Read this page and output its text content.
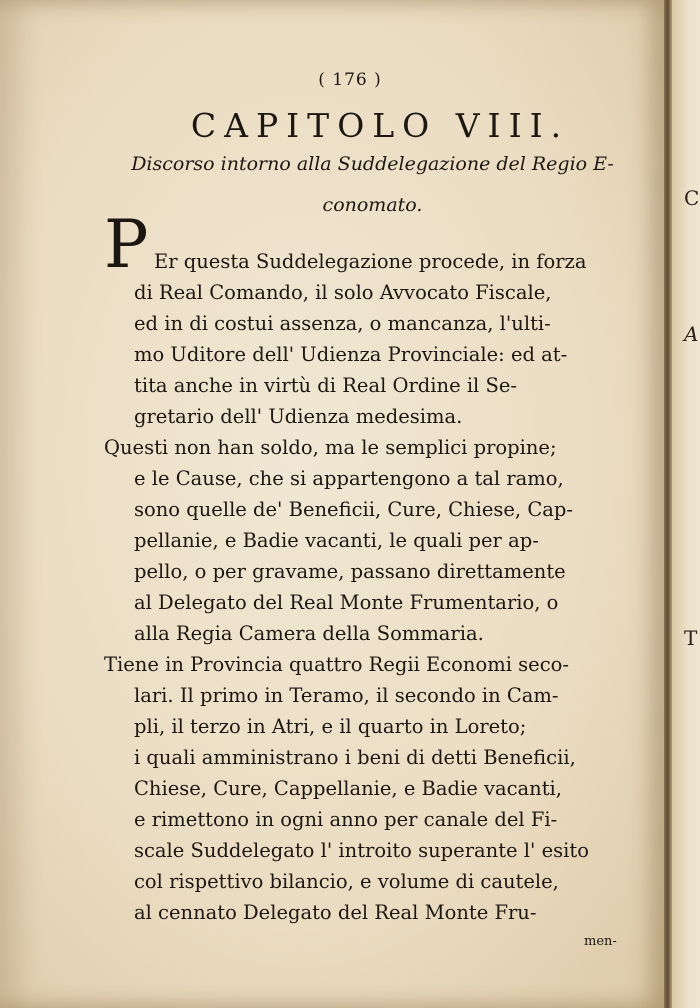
( 176 )
CAPITOLO VIII.
Discorso intorno alla Suddelegazione del Regio E-
conomato.
P Er questa Suddelegazione procede, in forza
di Real Comando, il solo Avvocato Fiscale,
ed in di costui assenza, o mancanza, l'ulti-
mo Uditore dell' Udienza Provinciale: ed at-
tita anche in virtù di Real Ordine il Se-
gretario dell' Udienza medesima.
Questi non han soldo, ma le semplici propine;
e le Cause, che si appartengono a tal ramo,
sono quelle de' Beneficii, Cure, Chiese, Cap-
pellanie, e Badie vacanti, le quali per ap-
pello, o per gravame, passano direttamente
al Delegato del Real Monte Frumentario, o
alla Regia Camera della Sommaria.
Tiene in Provincia quattro Regii Economi seco-
lari. Il primo in Teramo, il secondo in Cam-
pli, il terzo in Atri, e il quarto in Loreto;
i quali amministrano i beni di detti Beneficii,
Chiese, Cure, Cappellanie, e Badie vacanti,
e rimettono in ogni anno per canale del Fi-
scale Suddelegato l' introito superante l' esito
col rispettivo bilancio, e volume di cautele,
al cennato Delegato del Real Monte Fru-
men-
C
A
T
